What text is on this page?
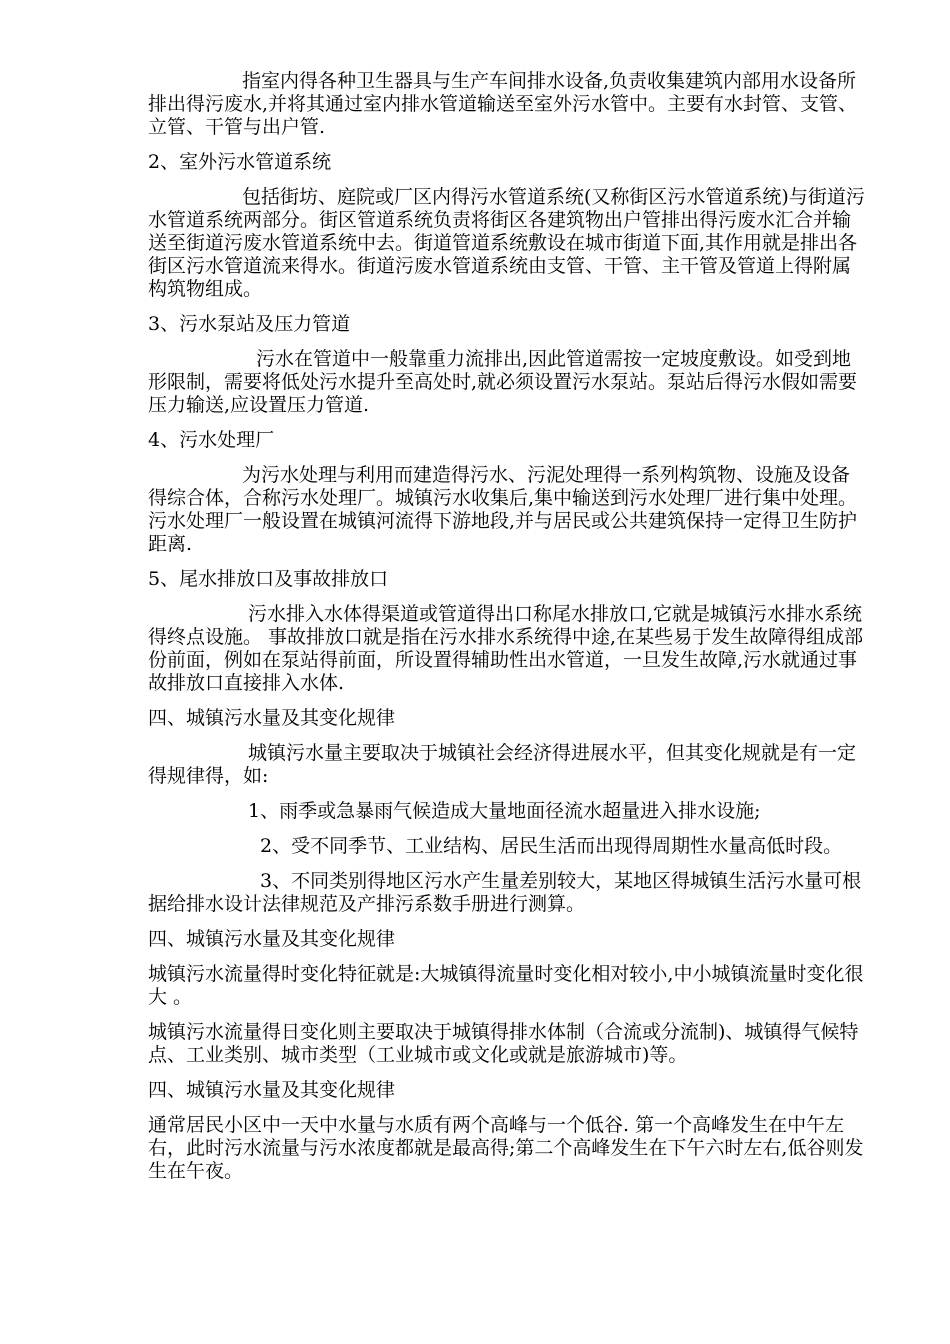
指室内得各种卫生器具与生产车间排水设备,负责收集建筑内部用水设备所排出得污废水,并将其通过室内排水管道输送至室外污水管中。主要有水封管、支管、立管、干管与出户管.

2、室外污水管道系统

包括街坊、庭院或厂区内得污水管道系统(又称街区污水管道系统)与街道污水管道系统两部分。街区管道系统负责将街区各建筑物出户管排出得污废水汇合并输送至街道污废水管道系统中去。街道管道系统敷设在城市街道下面,其作用就是排出各街区污水管道流来得水。街道污废水管道系统由支管、干管、主干管及管道上得附属构筑物组成。

3、污水泵站及压力管道

污水在管道中一般靠重力流排出,因此管道需按一定坡度敷设。如受到地形限制，需要将低处污水提升至高处时,就必须设置污水泵站。泵站后得污水假如需要压力输送,应设置压力管道.

4、污水处理厂

为污水处理与利用而建造得污水、污泥处理得一系列构筑物、设施及设备得综合体，合称污水处理厂。城镇污水收集后,集中输送到污水处理厂进行集中处理。 污水处理厂一般设置在城镇河流得下游地段,并与居民或公共建筑保持一定得卫生防护距离.

5、尾水排放口及事故排放口

污水排入水体得渠道或管道得出口称尾水排放口,它就是城镇污水排水系统得终点设施。 事故排放口就是指在污水排水系统得中途,在某些易于发生故障得组成部份前面，例如在泵站得前面，所设置得辅助性出水管道，一旦发生故障,污水就通过事故排放口直接排入水体.

四、城镇污水量及其变化规律

城镇污水量主要取决于城镇社会经济得进展水平，但其变化规就是有一定得规律得，如:

1、雨季或急暴雨气候造成大量地面径流水超量进入排水设施;

2、受不同季节、工业结构、居民生活而出现得周期性水量高低时段。

3、不同类别得地区污水产生量差别较大，某地区得城镇生活污水量可根据给排水设计法律规范及产排污系数手册进行测算。

四、城镇污水量及其变化规律

城镇污水流量得时变化特征就是:大城镇得流量时变化相对较小,中小城镇流量时变化很大 。

城镇污水流量得日变化则主要取决于城镇得排水体制（合流或分流制)、城镇得气候特点、工业类别、城市类型（工业城市或文化或就是旅游城市)等。

四、城镇污水量及其变化规律

通常居民小区中一天中水量与水质有两个高峰与一个低谷. 第一个高峰发生在中午左右，此时污水流量与污水浓度都就是最高得;第二个高峰发生在下午六时左右,低谷则发生在午夜。
